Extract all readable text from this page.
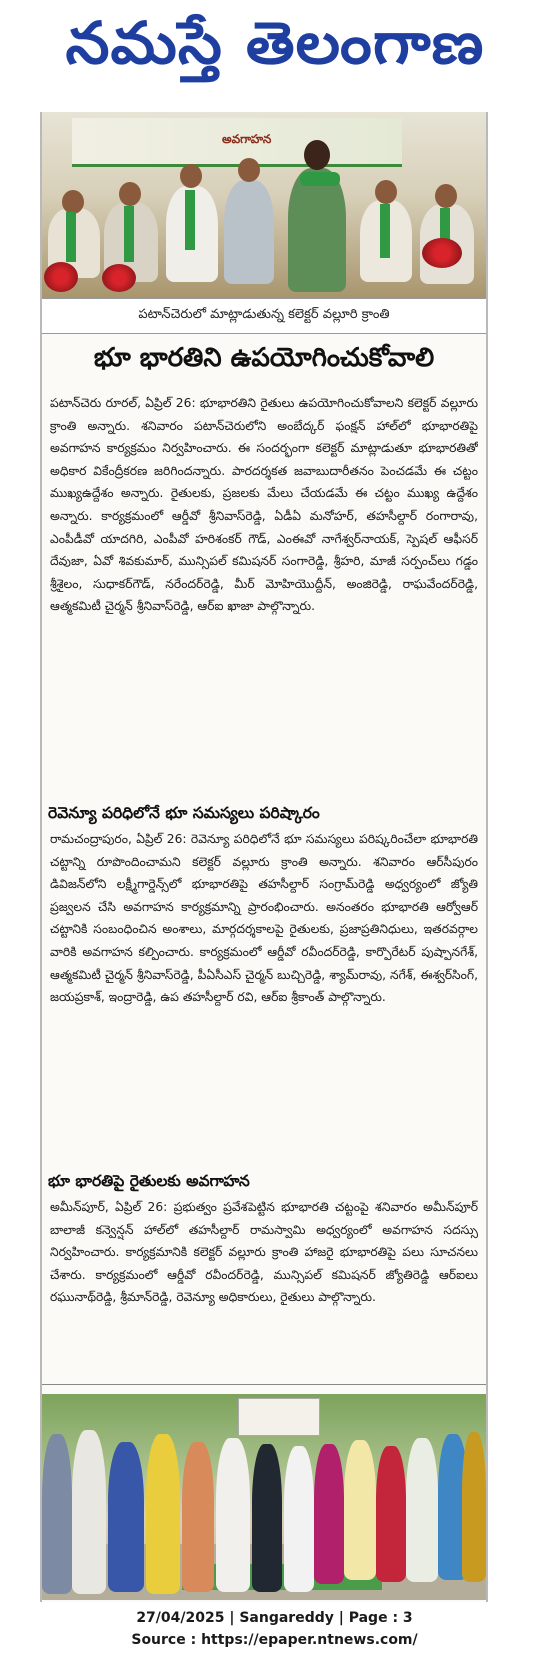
నమస్తే తెలంగాణ
అవగాహన
పటాన్‌చెరులో మాట్లాడుతున్న కలెక్టర్ వల్లూరి క్రాంతి
భూ భారతిని ఉపయోగించుకోవాలి
పటాన్‌చెరు రూరల్, ఏప్రిల్ 26: భూభారతిని రైతులు ఉపయోగించుకోవాలని కలెక్టర్ వల్లూరు క్రాంతి అన్నారు. శనివారం పటాన్‌చెరులోని అంబేద్కర్ ఫంక్షన్ హాల్‌లో భూభారతిపై అవగాహన కార్యక్రమం నిర్వహించారు. ఈ సందర్భంగా కలెక్టర్ మాట్లాడుతూ భూభారతితో అధికార వికేంద్రీకరణ జరిగిందన్నారు. పారదర్శకత జవాబుదారీతనం పెంచడమే ఈ చట్టం ముఖ్యఉద్దేశం అన్నారు. రైతులకు, ప్రజలకు మేలు చేయడమే ఈ చట్టం ముఖ్య ఉద్దేశం అన్నారు. కార్యక్రమంలో ఆర్డీవో శ్రీనివాస్‌రెడ్డి, ఏడీఏ మనోహర్, తహసీల్దార్ రంగారావు, ఎంపీడీవో యాదగిరి, ఎంపీవో హరిశంకర్ గౌడ్, ఎంఈవో నాగేశ్వర్‌నాయక్, స్పెషల్ ఆఫీసర్ దేవుజా, ఏవో శివకుమార్, మున్సిపల్ కమిషనర్ సంగారెడ్డి, శ్రీహరి, మాజీ సర్పంచ్‌లు గడ్డం శ్రీశైలం, సుధాకర్‌గౌడ్, నరేందర్‌రెడ్డి, మీర్ మోహియొద్దీన్, అంజిరెడ్డి, రాఘవేందర్‌రెడ్డి, ఆత్మకమిటీ చైర్మన్ శ్రీనివాస్‌రెడ్డి, ఆర్ఐ ఖాజా పాల్గొన్నారు.
రెవెన్యూ పరిధిలోనే భూ సమస్యలు పరిష్కారం
రామచంద్రాపురం, ఏప్రిల్ 26: రెవెన్యూ పరిధిలోనే భూ సమస్యలు పరిష్కరించేలా భూభారతి చట్టాన్ని రూపొందించామని కలెక్టర్ వల్లూరు క్రాంతి అన్నారు. శనివారం ఆర్‌సీపురం డివిజన్‌లోని లక్ష్మీగార్డెన్స్‌లో భూభారతిపై తహసీల్దార్ సంగ్రామ్‌రెడ్డి అధ్వర్యంలో జ్యోతి ప్రజ్వలన చేసి అవగాహన కార్యక్రమాన్ని ప్రారంభించారు. అనంతరం భూభారతి ఆర్వోఆర్ చట్టానికి సంబంధించిన అంశాలు, మార్గదర్శకాలపై రైతులకు, ప్రజాప్రతినిధులు, ఇతరవర్గాల వారికి అవగాహన కల్పించారు. కార్యక్రమంలో ఆర్డీవో రవీందర్‌రెడ్డి, కార్పొరేటర్ పుష్పానగేశ్, ఆత్మకమిటీ చైర్మన్ శ్రీనివాస్‌రెడ్డి, పీఏసీఎస్ చైర్మన్ బుచ్చిరెడ్డి, శ్యామ్‌రావు, నగేశ్, ఈశ్వర్‌సింగ్, జయప్రకాశ్, ఇంద్రారెడ్డి, ఉప తహసీల్దార్ రవి, ఆర్ఐ శ్రీకాంత్ పాల్గొన్నారు.
భూ భారతిపై రైతులకు అవగాహన
అమీన్‌పూర్, ఏప్రిల్ 26: ప్రభుత్వం ప్రవేశపెట్టిన భూభారతి చట్టంపై శనివారం అమీన్‌పూర్ బాలాజీ కన్వెన్షన్ హాల్‌లో తహసీల్దార్ రామస్వామి అధ్వర్యంలో అవగాహన సదస్సు నిర్వహించారు. కార్యక్రమానికి కలెక్టర్ వల్లూరు క్రాంతి హాజరై భూభారతిపై పలు సూచనలు చేశారు. కార్యక్రమంలో ఆర్డీవో రవీందర్‌రెడ్డి, మున్సిపల్ కమిషనర్ జ్యోతిరెడ్డి ఆర్ఐలు రఘునాథ్‌రెడ్డి, శ్రీమాన్‌రెడ్డి, రెవెన్యూ అధికారులు, రైతులు పాల్గొన్నారు.
27/04/2025 | Sangareddy | Page : 3
Source : https://epaper.ntnews.com/
